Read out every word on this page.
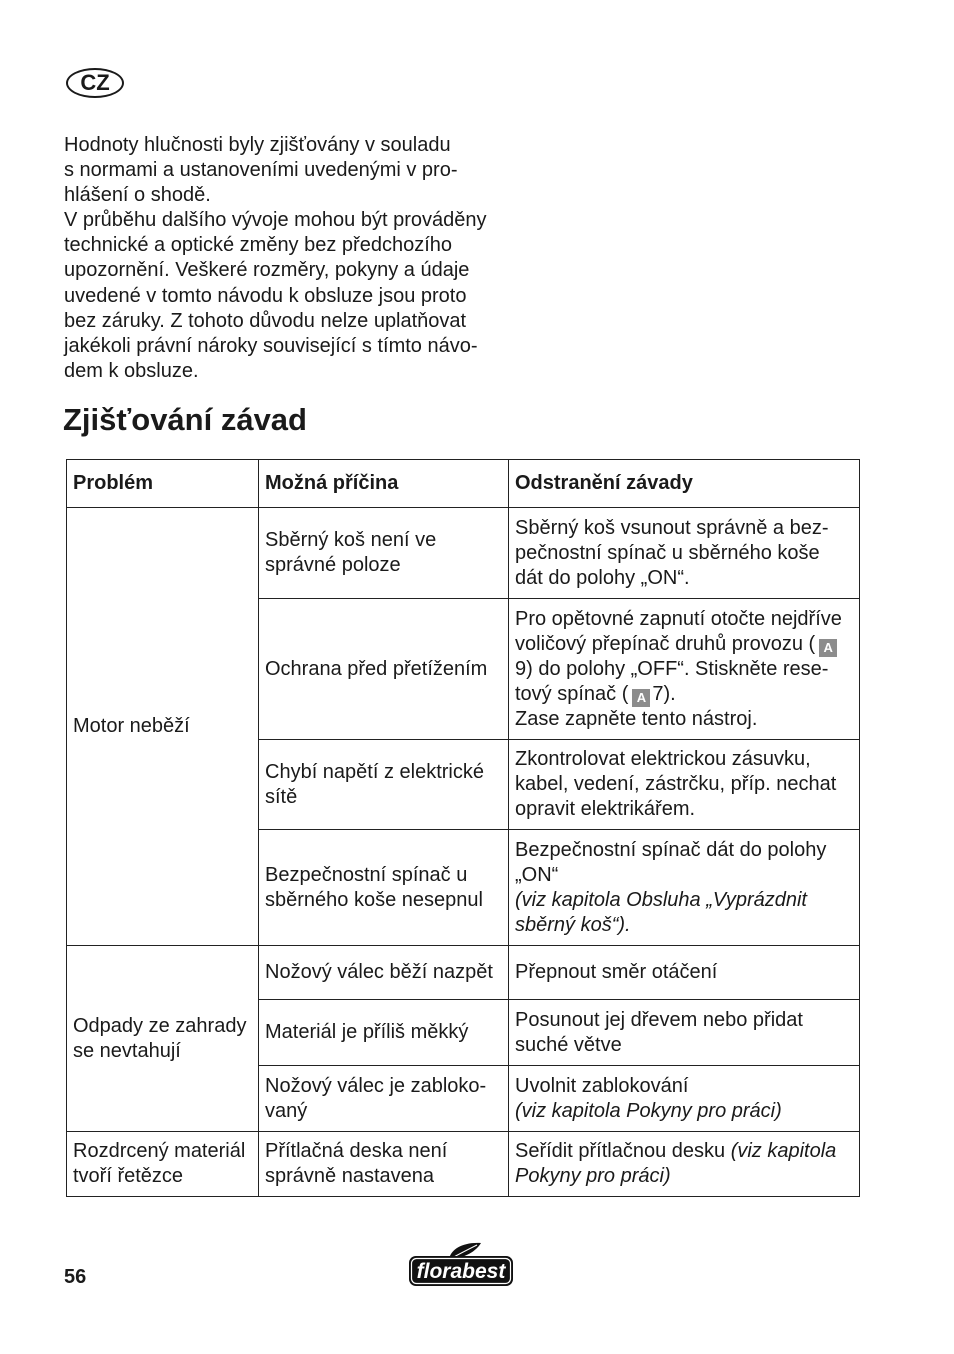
CZ
Hodnoty hlučnosti byly zjišťovány v souladu
s normami a ustanoveními uvedenými v pro-
hlášení o shodě.
V průběhu dalšího vývoje mohou být prováděny
technické a optické změny bez předchozího
upozornění. Veškeré rozměry, pokyny a údaje
uvedené v tomto návodu k obsluze jsou proto
bez záruky. Z tohoto důvodu nelze uplatňovat
jakékoli právní nároky související s tímto návo-
dem k obsluze.
Zjišťování závad
Problém	Možná příčina	Odstranění závady

Motor neběží	Sběrný koš není ve
správné poloze	Sběrný koš vsunout správně a bez-
pečnostní spínač u sběrného koše
dát do polohy „ON“.

	Ochrana před přetížením	Pro opětovné zapnutí otočte nejdříve
voličový přepínač druhů provozu ( A
9) do polohy „OFF“. Stiskněte rese-
tový spínač ( A 7).
Zase zapněte tento nástroj.

	Chybí napětí z elektrické
sítě	Zkontrolovat elektrickou zásuvku,
kabel, vedení, zástrčku, příp. nechat
opravit elektrikářem.

	Bezpečnostní spínač u
sběrného koše nesepnul	Bezpečnostní spínač dát do polohy
„ON“
(viz kapitola Obsluha „Vyprázdnit
sběrný koš“).

Odpady ze zahrady
se nevtahují	Nožový válec běží nazpět	Přepnout směr otáčení

	Materiál je příliš měkký	Posunout jej dřevem nebo přidat
suché větve

	Nožový válec je zabloko-
vaný	Uvolnit zablokování
(viz kapitola Pokyny pro práci)

Rozdrcený materiál
tvoří řetězce	Přítlačná deska není
správně nastavena	Seřídit přítlačnou desku (viz kapitola
Pokyny pro práci)
56	florabest
